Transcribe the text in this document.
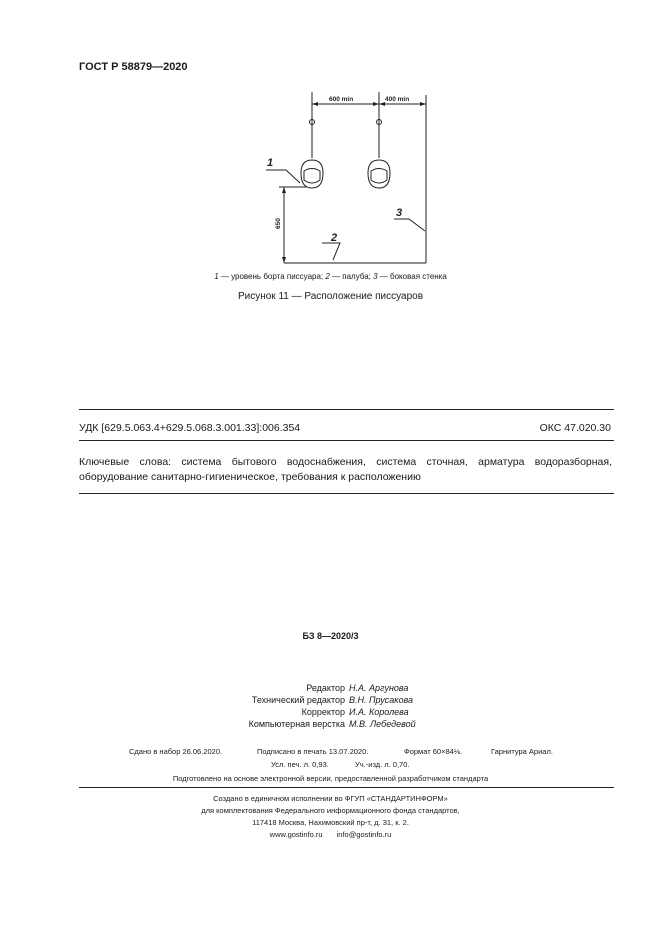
ГОСТ Р 58879—2020
600 min	400 min
650
1
2
3
1 — уровень борта писсуара; 2 — палуба; 3 — боковая стенка
Рисунок 11 — Расположение писсуаров
УДК [629.5.063.4+629.5.068.3.001.33]:006.354	ОКС 47.020.30
Ключевые слова: система бытового водоснабжения, система сточная, арматура водоразборная, оборудование санитарно-гигиеническое, требования к расположению
БЗ 8—2020/3
Редактор Н.А. Аргунова
Технический редактор В.Н. Прусакова
Корректор И.А. Королева
Компьютерная верстка М.В. Лебедевой
Сдано в набор 26.06.2020.	Подписано в печать 13.07.2020.	Формат 60×84⅛.	Гарнитура Ариал.
Усл. печ. л. 0,93.	Уч.-изд. л. 0,70.
Подготовлено на основе электронной версии, предоставленной разработчиком стандарта
Создано в единичном исполнении во ФГУП «СТАНДАРТИНФОРМ»
для комплектования Федерального информационного фонда стандартов,
117418 Москва, Нахимовский пр-т, д. 31, к. 2.
www.gostinfo.ru info@gostinfo.ru
